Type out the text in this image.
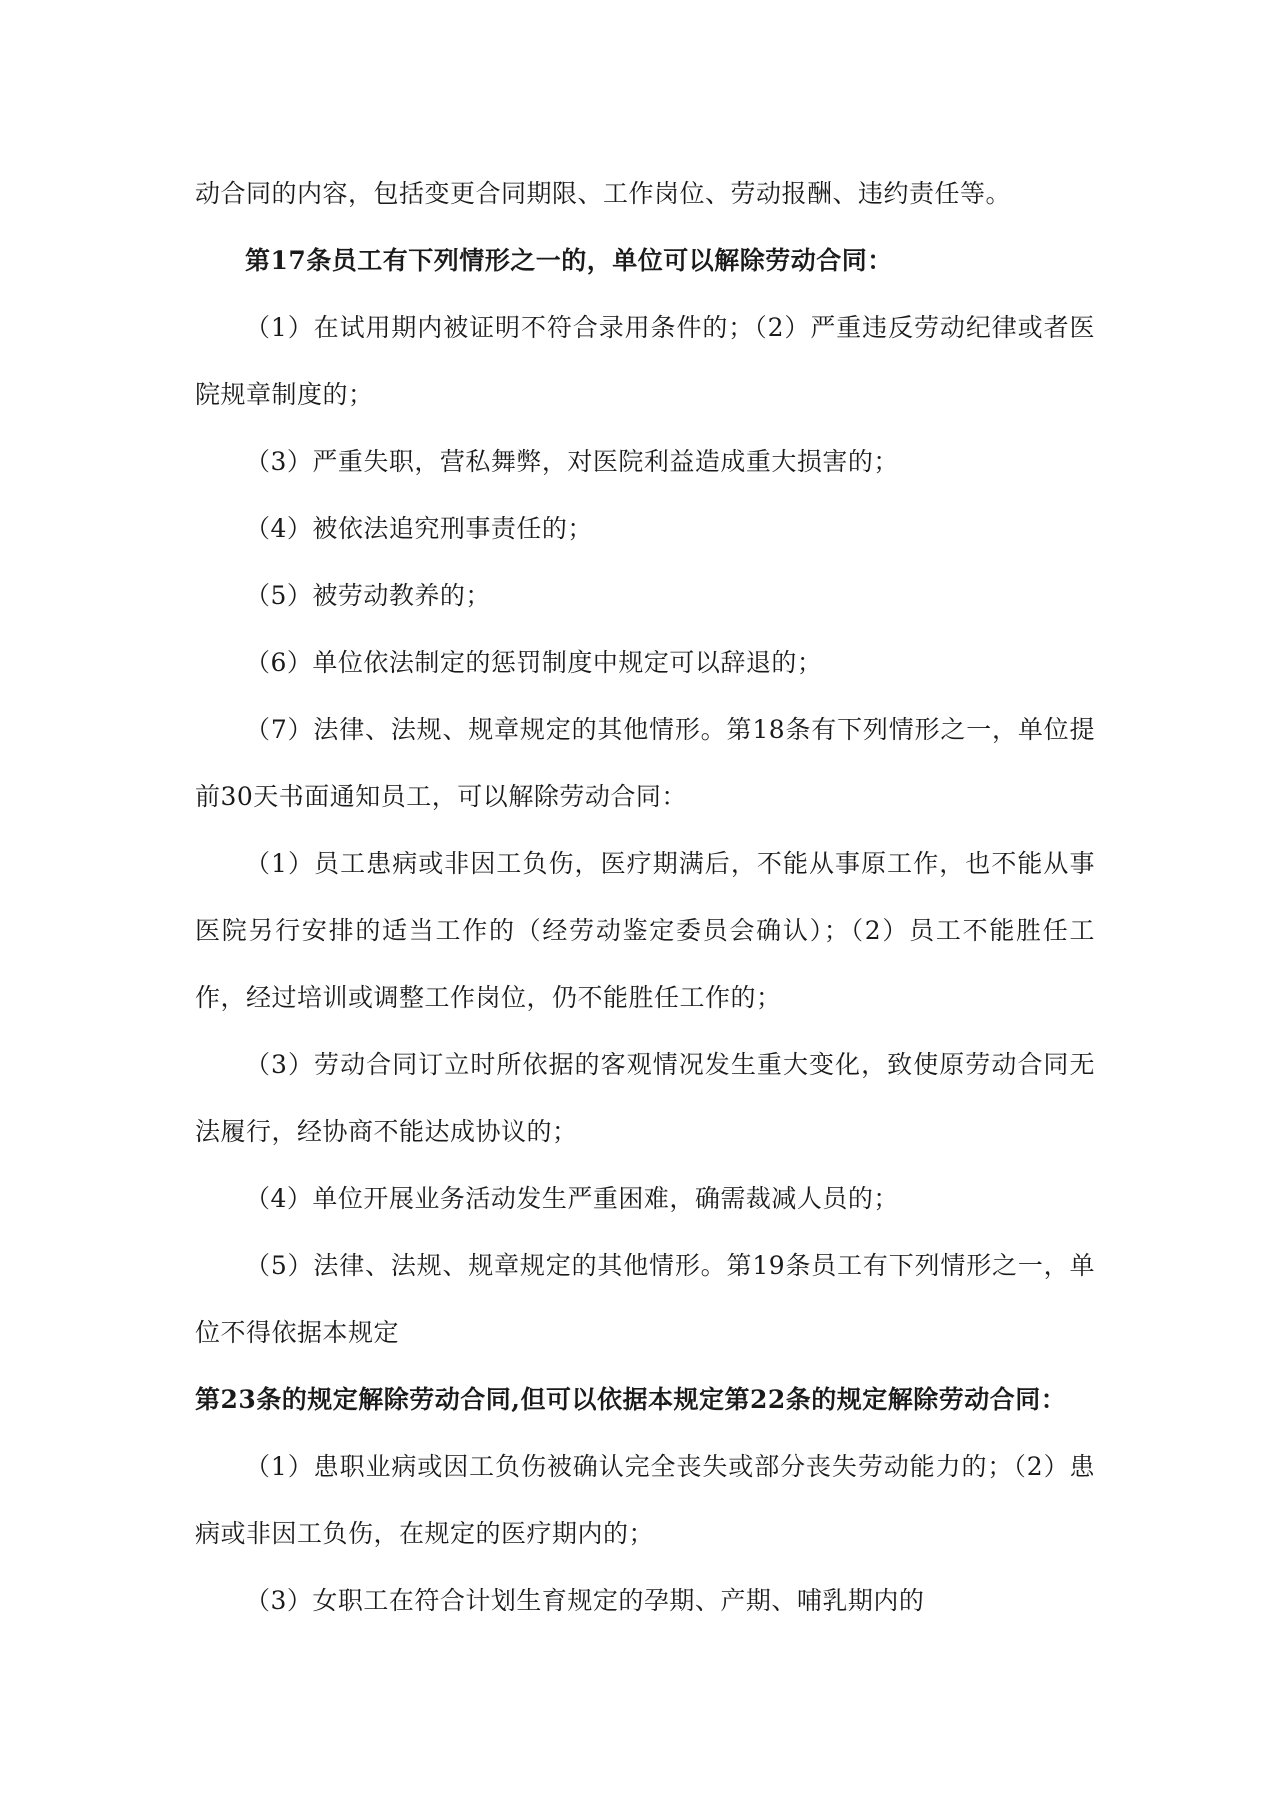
动合同的内容，包括变更合同期限、工作岗位、劳动报酬、违约责任等。

第17条员工有下列情形之一的，单位可以解除劳动合同：

（1）在试用期内被证明不符合录用条件的；（2）严重违反劳动纪律或者医院规章制度的；

（3）严重失职，营私舞弊，对医院利益造成重大损害的；

（4）被依法追究刑事责任的；

（5）被劳动教养的；

（6）单位依法制定的惩罚制度中规定可以辞退的；

（7）法律、法规、规章规定的其他情形。第18条有下列情形之一，单位提前30天书面通知员工，可以解除劳动合同：

（1）员工患病或非因工负伤，医疗期满后，不能从事原工作，也不能从事医院另行安排的适当工作的（经劳动鉴定委员会确认）；（2）员工不能胜任工作，经过培训或调整工作岗位，仍不能胜任工作的；

（3）劳动合同订立时所依据的客观情况发生重大变化，致使原劳动合同无法履行，经协商不能达成协议的；

（4）单位开展业务活动发生严重困难，确需裁减人员的；

（5）法律、法规、规章规定的其他情形。第19条员工有下列情形之一，单位不得依据本规定

第23条的规定解除劳动合同,但可以依据本规定第22条的规定解除劳动合同：

（1）患职业病或因工负伤被确认完全丧失或部分丧失劳动能力的；（2）患病或非因工负伤，在规定的医疗期内的；

（3）女职工在符合计划生育规定的孕期、产期、哺乳期内的
